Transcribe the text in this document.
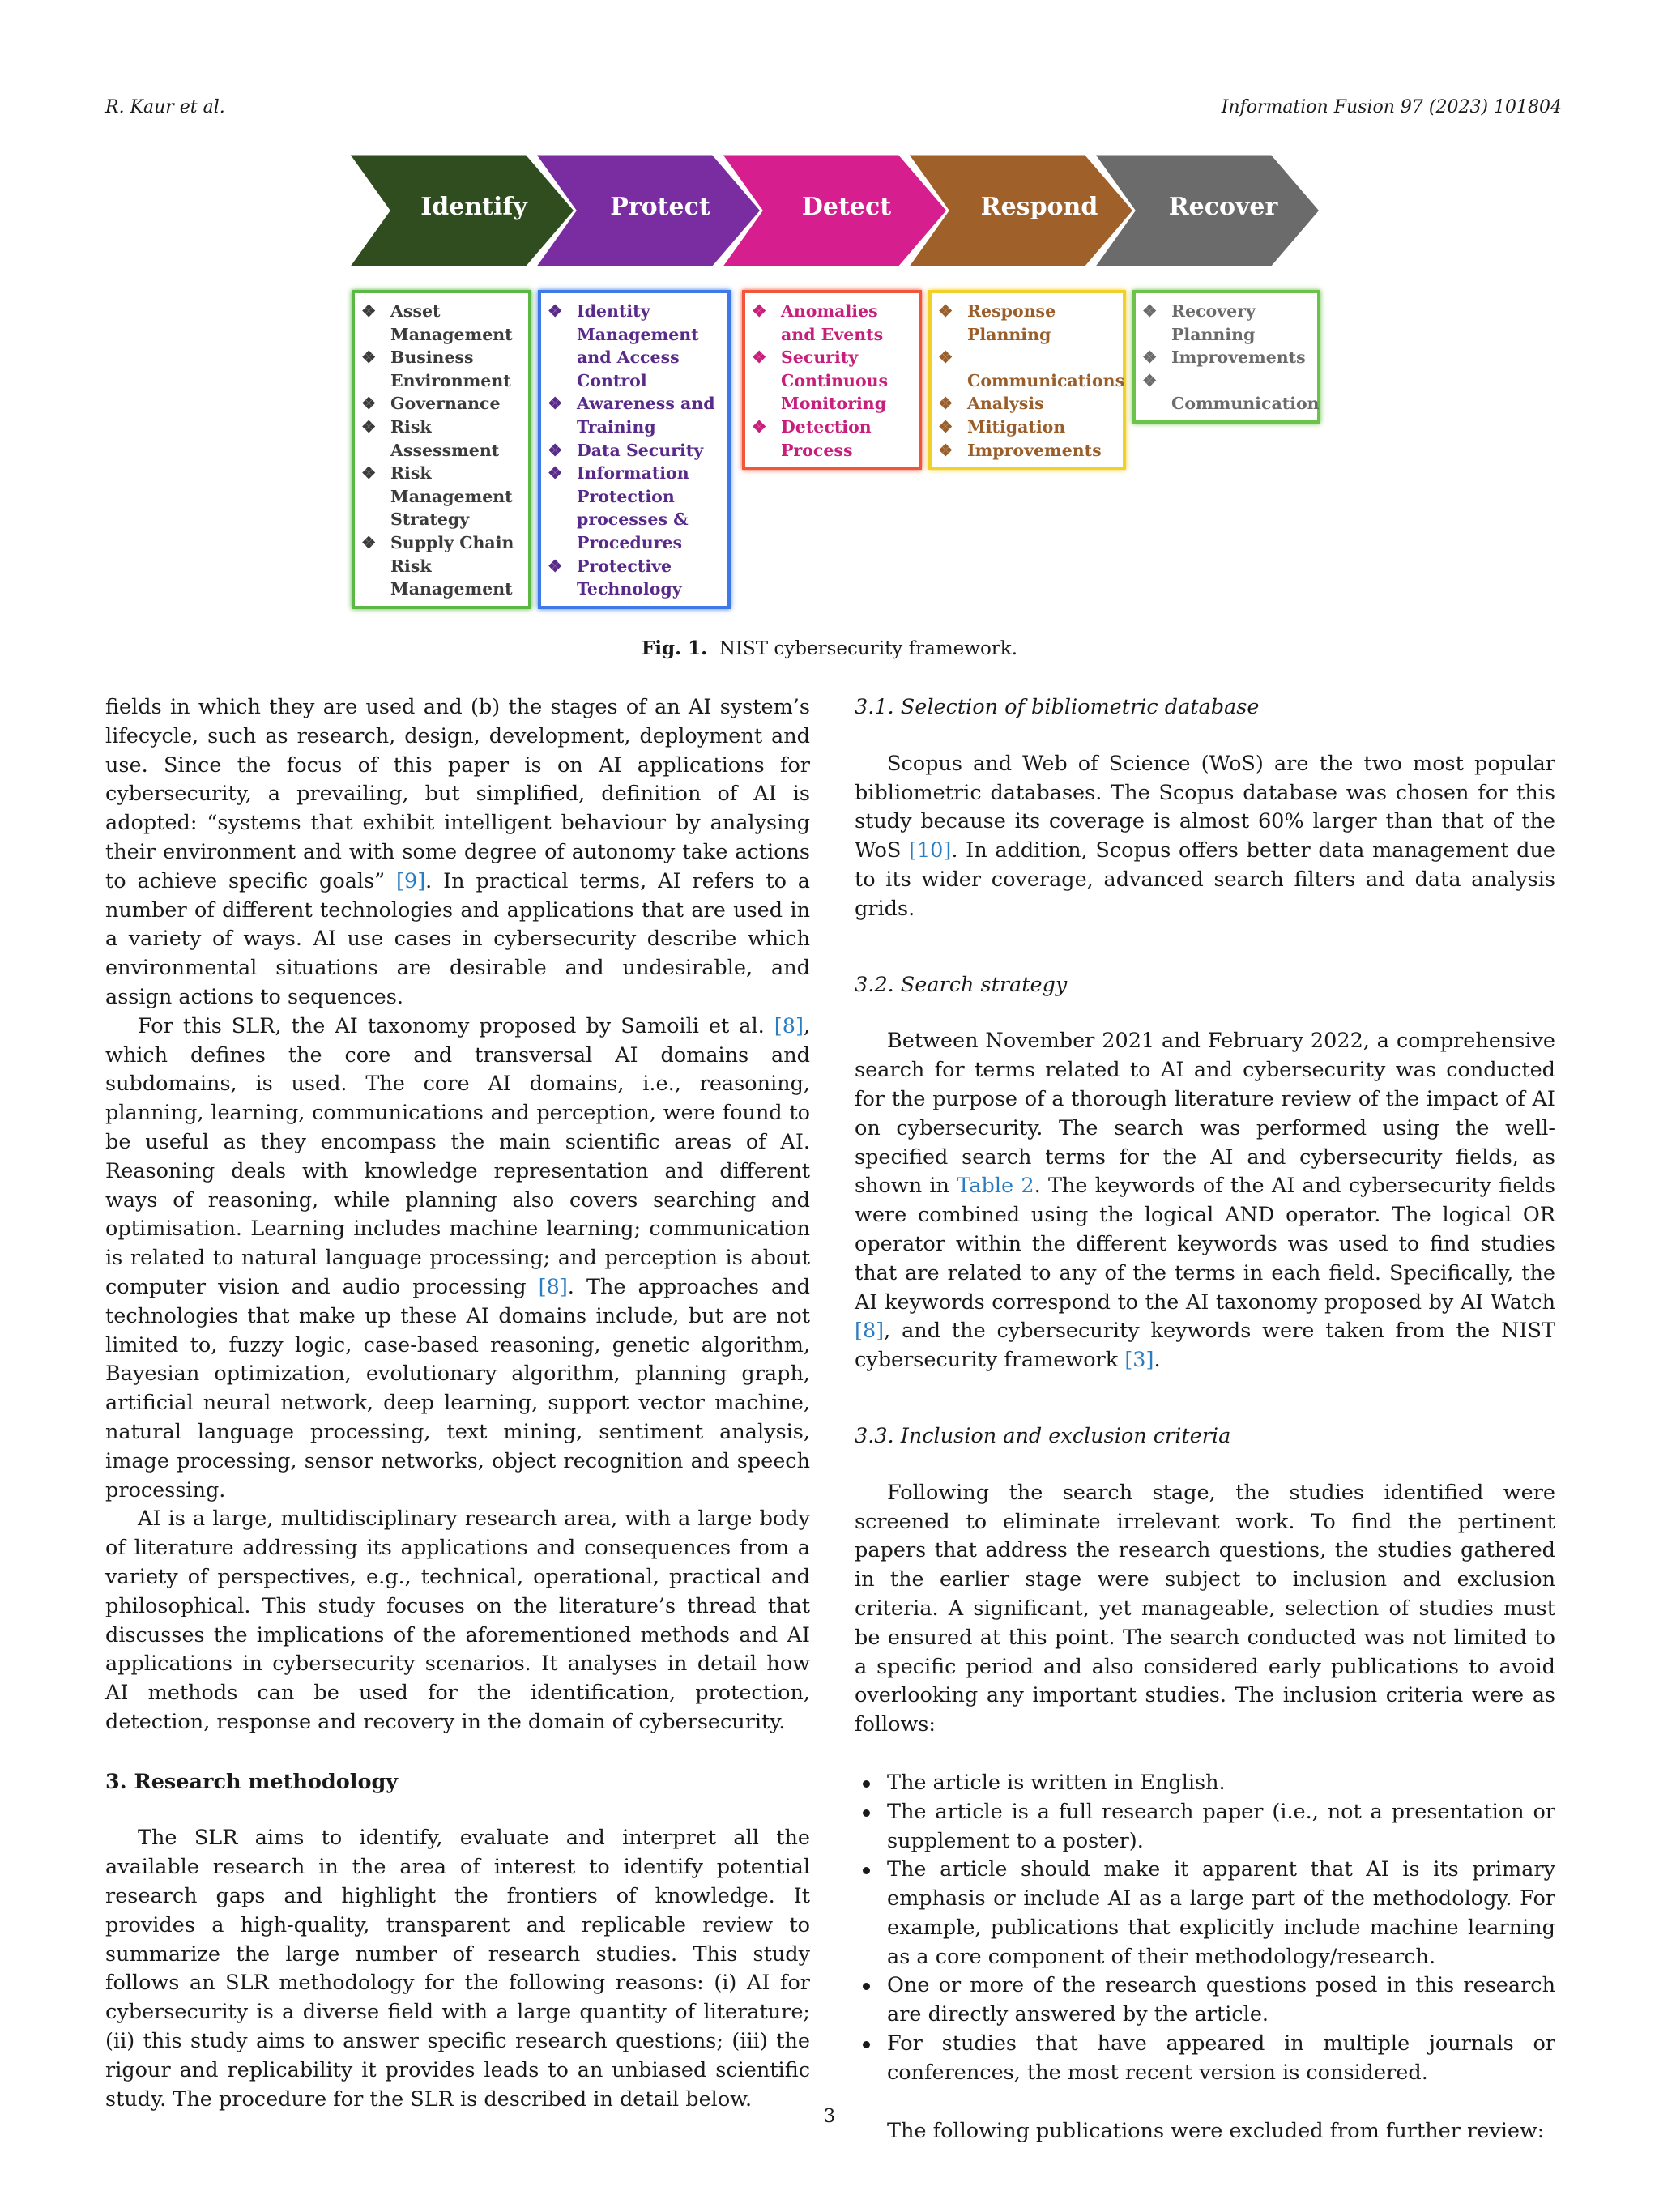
R. Kaur et al.	Information Fusion 97 (2023) 101804
Identify	Protect	Detect	Respond	Recover
❖ Asset Management
❖ Business Environment
❖ Governance
❖ Risk Assessment
❖ Risk Management Strategy
❖ Supply Chain Risk Management
❖ Identity Management and Access Control
❖ Awareness and Training
❖ Data Security
❖ Information Protection processes & Procedures
❖ Protective Technology
❖ Anomalies and Events
❖ Security Continuous Monitoring
❖ Detection Process
❖ Response Planning
❖Communications
❖ Analysis
❖ Mitigation
❖ Improvements
❖ Recovery Planning
❖ Improvements
❖Communication
Fig. 1. NIST cybersecurity framework.

fields in which they are used and (b) the stages of an AI system’s lifecycle, such as research, design, development, deployment and use. Since the focus of this paper is on AI applications for cybersecurity, a prevailing, but simplified, definition of AI is adopted: “systems that exhibit intelligent behaviour by analysing their environment and with some degree of autonomy take actions to achieve specific goals” [9]. In practical terms, AI refers to a number of different technologies and applications that are used in a variety of ways. AI use cases in cybersecurity describe which environmental situations are desirable and undesirable, and assign actions to sequences.

For this SLR, the AI taxonomy proposed by Samoili et al. [8], which defines the core and transversal AI domains and subdomains, is used. The core AI domains, i.e., reasoning, planning, learning, communications and perception, were found to be useful as they encompass the main scientific areas of AI. Reasoning deals with knowledge representation and different ways of reasoning, while planning also covers searching and optimisation. Learning includes machine learning; communication is related to natural language processing; and perception is about computer vision and audio processing [8]. The approaches and technologies that make up these AI domains include, but are not limited to, fuzzy logic, case-based reasoning, genetic algorithm, Bayesian optimization, evolutionary algorithm, planning graph, artificial neural network, deep learning, support vector machine, natural language processing, text mining, sentiment analysis, image processing, sensor networks, object recognition and speech processing.

AI is a large, multidisciplinary research area, with a large body of literature addressing its applications and consequences from a variety of perspectives, e.g., technical, operational, practical and philosophical. This study focuses on the literature’s thread that discusses the implications of the aforementioned methods and AI applications in cybersecurity scenarios. It analyses in detail how AI methods can be used for the identification, protection, detection, response and recovery in the domain of cybersecurity.

3. Research methodology

The SLR aims to identify, evaluate and interpret all the available research in the area of interest to identify potential research gaps and highlight the frontiers of knowledge. It provides a high-quality, transparent and replicable review to summarize the large number of research studies. This study follows an SLR methodology for the following reasons: (i) AI for cybersecurity is a diverse field with a large quantity of literature; (ii) this study aims to answer specific research questions; (iii) the rigour and replicability it provides leads to an unbiased scientific study. The procedure for the SLR is described in detail below.

3.1. Selection of bibliometric database

Scopus and Web of Science (WoS) are the two most popular bibliometric databases. The Scopus database was chosen for this study because its coverage is almost 60% larger than that of the WoS [10]. In addition, Scopus offers better data management due to its wider coverage, advanced search filters and data analysis grids.

3.2. Search strategy

Between November 2021 and February 2022, a comprehensive search for terms related to AI and cybersecurity was conducted for the purpose of a thorough literature review of the impact of AI on cybersecurity. The search was performed using the well-specified search terms for the AI and cybersecurity fields, as shown in Table 2. The keywords of the AI and cybersecurity fields were combined using the logical AND operator. The logical OR operator within the different keywords was used to find studies that are related to any of the terms in each field. Specifically, the AI keywords correspond to the AI taxonomy proposed by AI Watch [8], and the cybersecurity keywords were taken from the NIST cybersecurity framework [3].

3.3. Inclusion and exclusion criteria

Following the search stage, the studies identified were screened to eliminate irrelevant work. To find the pertinent papers that address the research questions, the studies gathered in the earlier stage were subject to inclusion and exclusion criteria. A significant, yet manageable, selection of studies must be ensured at this point. The search conducted was not limited to a specific period and also considered early publications to avoid overlooking any important studies. The inclusion criteria were as follows:

The article is written in English.
The article is a full research paper (i.e., not a presentation or supplement to a poster).
The article should make it apparent that AI is its primary emphasis or include AI as a large part of the methodology. For example, publications that explicitly include machine learning as a core component of their methodology/research.
One or more of the research questions posed in this research are directly answered by the article.
For studies that have appeared in multiple journals or conferences, the most recent version is considered.

The following publications were excluded from further review:

3
